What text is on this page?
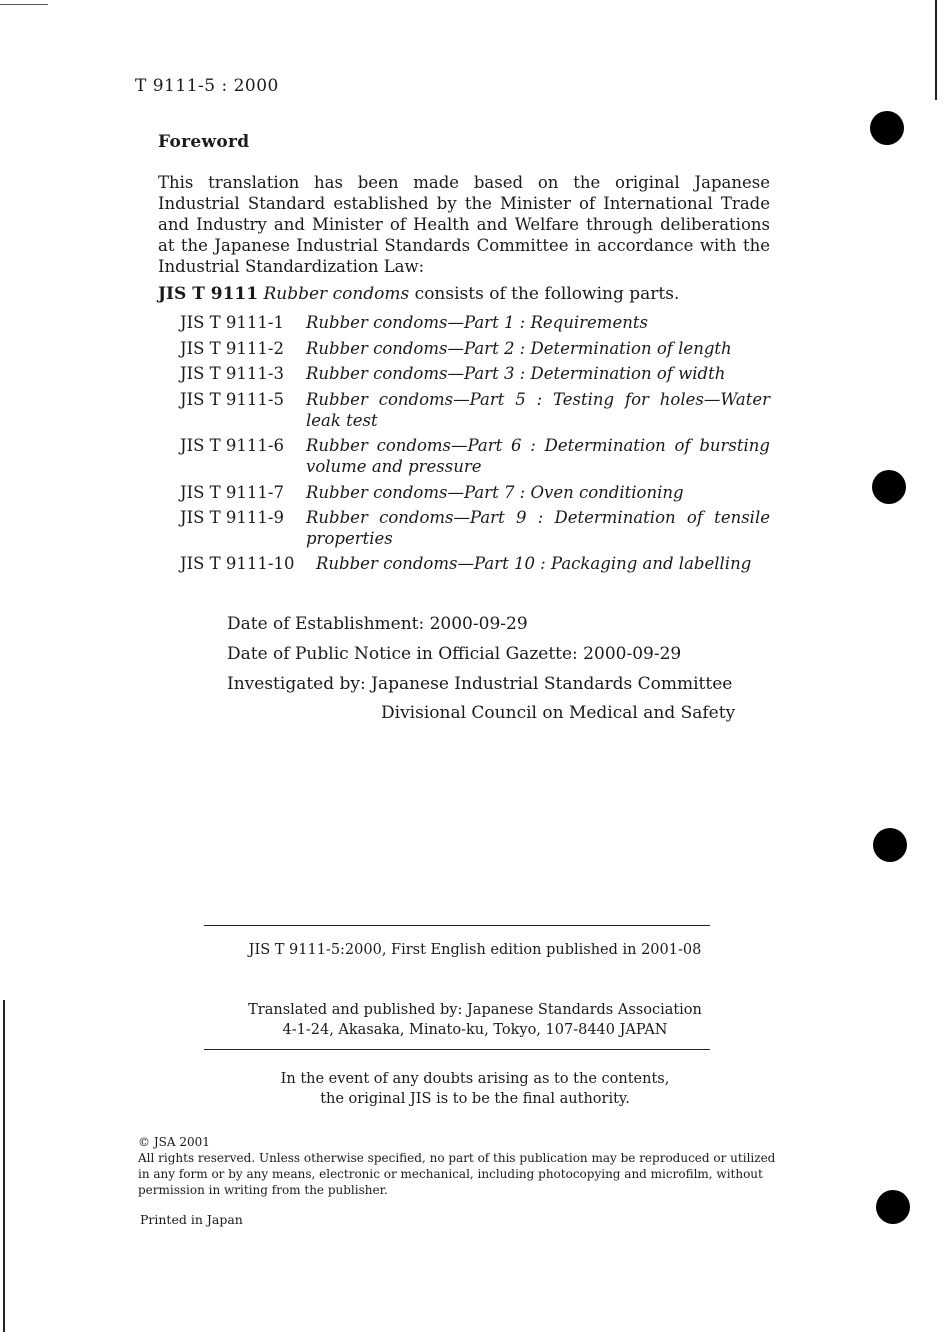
T 9111-5 : 2000
Foreword
This translation has been made based on the original Japanese Industrial Standard established by the Minister of International Trade and Industry and Minister of Health and Welfare through deliberations at the Japanese Industrial Standards Committee in accordance with the Industrial Standardization Law:
JIS T 9111 Rubber condoms consists of the following parts.
JIS T 9111-1 Rubber condoms—Part 1 : Requirements
JIS T 9111-2 Rubber condoms—Part 2 : Determination of length
JIS T 9111-3 Rubber condoms—Part 3 : Determination of width
JIS T 9111-5 Rubber condoms—Part 5 : Testing for holes—Water leak test
JIS T 9111-6 Rubber condoms—Part 6 : Determination of bursting volume and pressure
JIS T 9111-7 Rubber condoms—Part 7 : Oven conditioning
JIS T 9111-9 Rubber condoms—Part 9 : Determination of tensile properties
JIS T 9111-10 Rubber condoms—Part 10 : Packaging and labelling
Date of Establishment: 2000-09-29
Date of Public Notice in Official Gazette: 2000-09-29
Investigated by: Japanese Industrial Standards Committee
Divisional Council on Medical and Safety
JIS T 9111-5:2000, First English edition published in 2001-08
Translated and published by: Japanese Standards Association
4-1-24, Akasaka, Minato-ku, Tokyo, 107-8440 JAPAN
In the event of any doubts arising as to the contents,
the original JIS is to be the final authority.
© JSA 2001
All rights reserved. Unless otherwise specified, no part of this publication may be reproduced or utilized in any form or by any means, electronic or mechanical, including photocopying and microfilm, without permission in writing from the publisher.
Printed in Japan
